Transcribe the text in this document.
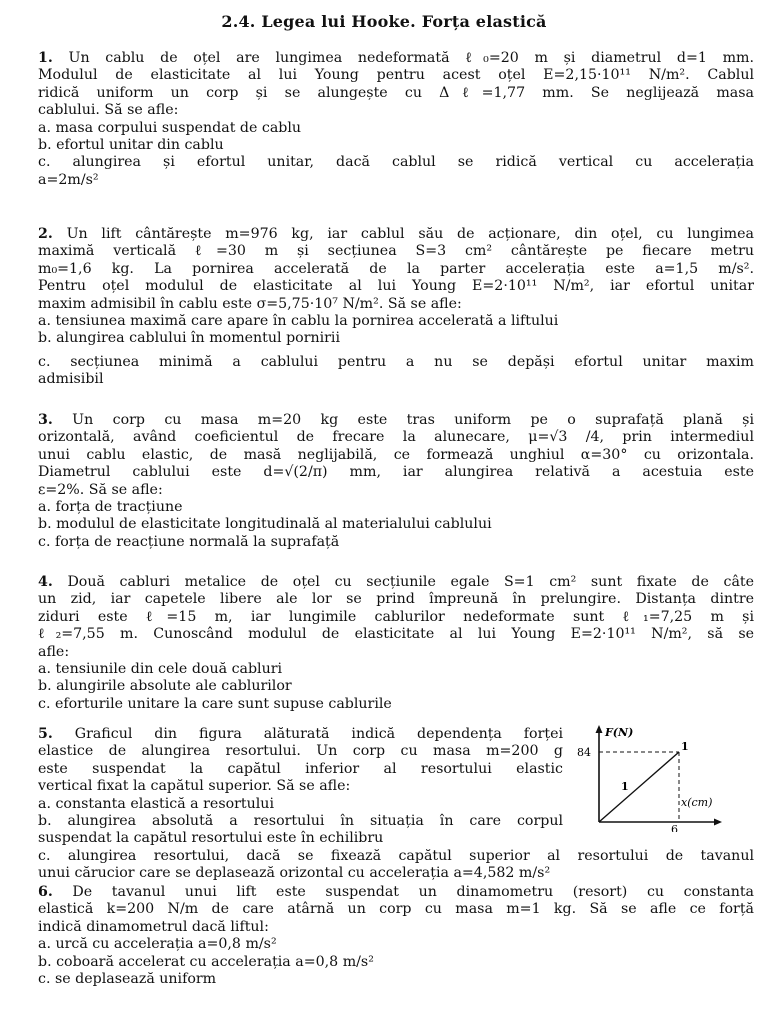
2.4. Legea lui Hooke. Forța elastică
1. Un cablu de oțel are lungimea nedeformată ℓ₀=20 m și diametrul d=1 mm.
Modulul de elasticitate al lui Young pentru acest oțel E=2,15·10¹¹ N/m². Cablul
ridică uniform un corp și se alungește cu Δℓ=1,77 mm. Se neglijează masa
cablului. Să se afle:
a. masa corpului suspendat de cablu
b. efortul unitar din cablu
c. alungirea și efortul unitar, dacă cablul se ridică vertical cu accelerația
a=2m/s²
2. Un lift cântărește m=976 kg, iar cablul său de acționare, din oțel, cu lungimea
maximă verticală ℓ=30 m și secțiunea S=3 cm² cântărește pe fiecare metru
m₀=1,6 kg. La pornirea accelerată de la parter accelerația este a=1,5 m/s².
Pentru oțel modulul de elasticitate al lui Young E=2·10¹¹ N/m², iar efortul unitar
maxim admisibil în cablu este σ=5,75·10⁷ N/m². Să se afle:
a. tensiunea maximă care apare în cablu la pornirea accelerată a liftului
b. alungirea cablului în momentul pornirii
c. secțiunea minimă a cablului pentru a nu se depăși efortul unitar maxim
admisibil
3. Un corp cu masa m=20 kg este tras uniform pe o suprafață plană și
orizontală, având coeficientul de frecare la alunecare, μ=√3 /4, prin intermediul
unui cablu elastic, de masă neglijabilă, ce formează unghiul α=30° cu orizontala.
Diametrul cablului este d=√(2/π) mm, iar alungirea relativă a acestuia este
ε=2%. Să se afle:
a. forța de tracțiune
b. modulul de elasticitate longitudinală al materialului cablului
c. forța de reacțiune normală la suprafață
4. Două cabluri metalice de oțel cu secțiunile egale S=1 cm² sunt fixate de câte
un zid, iar capetele libere ale lor se prind împreună în prelungire. Distanța dintre
ziduri este ℓ=15 m, iar lungimile cablurilor nedeformate sunt ℓ₁=7,25 m și
ℓ₂=7,55 m. Cunoscând modulul de elasticitate al lui Young E=2·10¹¹ N/m², să se
afle:
a. tensiunile din cele două cabluri
b. alungirile absolute ale cablurilor
c. eforturile unitare la care sunt supuse cablurile
5. Graficul din figura alăturată indică dependența forței
elastice de alungirea resortului. Un corp cu masa m=200 g
este suspendat la capătul inferior al resortului elastic
vertical fixat la capătul superior. Să se afle:
a. constanta elastică a resortului
b. alungirea absolută a resortului în situația în care corpul
suspendat la capătul resortului este în echilibru
c. alungirea resortului, dacă se fixează capătul superior al resortului de tavanul
unui cărucior care se deplasează orizontal cu accelerația a=4,582 m/s²
F(N)
x(cm)
84
6
1
1
6. De tavanul unui lift este suspendat un dinamometru (resort) cu constanta
elastică k=200 N/m de care atârnă un corp cu masa m=1 kg. Să se afle ce forță
indică dinamometrul dacă liftul:
a. urcă cu accelerația a=0,8 m/s²
b. coboară accelerat cu accelerația a=0,8 m/s²
c. se deplasează uniform
